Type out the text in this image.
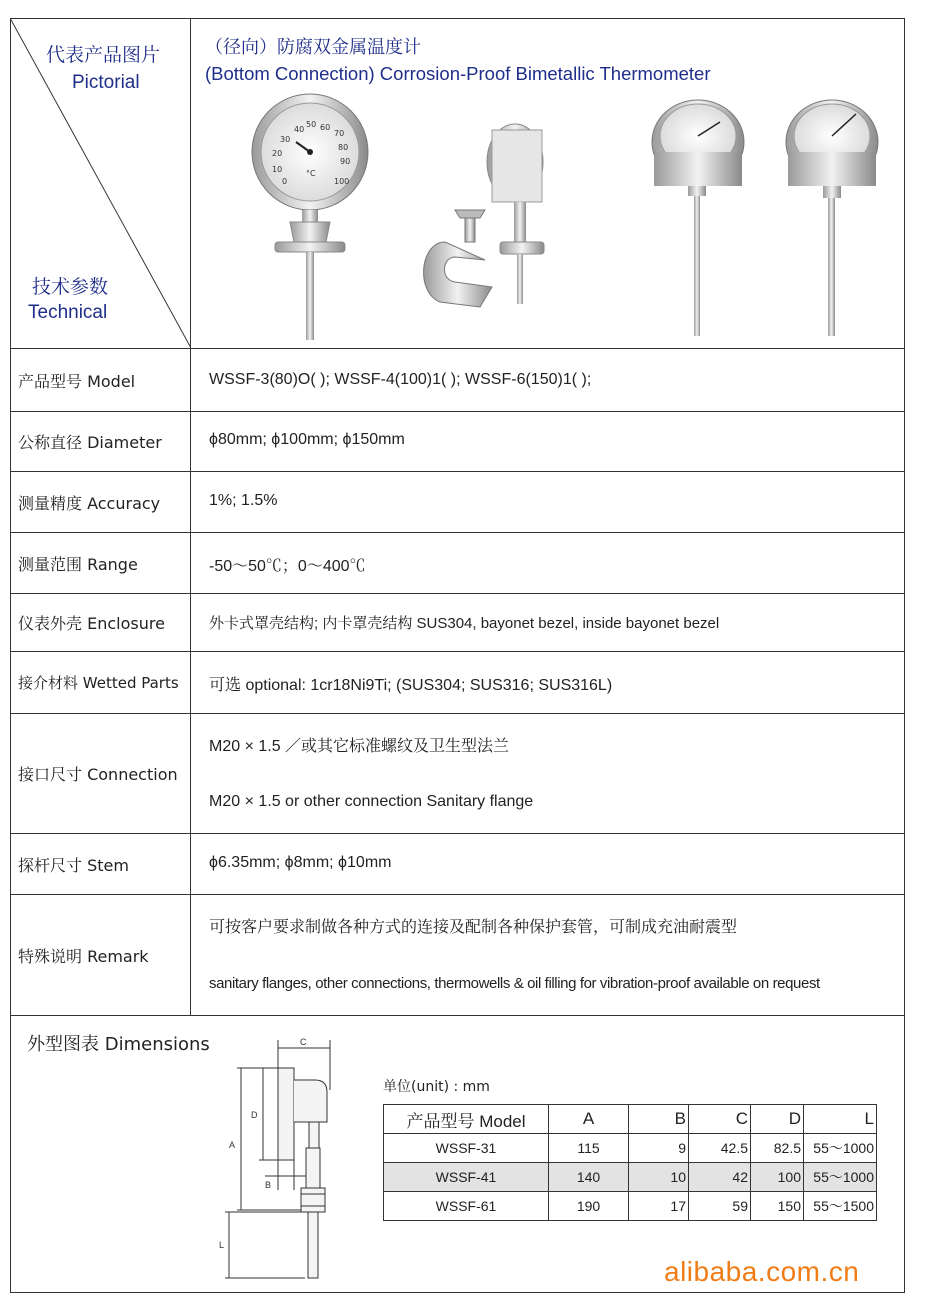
代表产品图片
Pictorial
技术参数
Technical
（径向）防腐双金属温度计
(Bottom Connection) Corrosion-Proof Bimetallic Thermometer
40
50 60
70
30
80
20
90
10
0	100
°C
产品型号 Model	WSSF-3(80)O( ); WSSF-4(100)1( ); WSSF-6(150)1( );
公称直径 Diameter	ϕ80mm; ϕ100mm; ϕ150mm
测量精度 Accuracy	1%; 1.5%
测量范围 Range	-50～50℃；0～400℃
仪表外壳 Enclosure	外卡式罩壳结构; 内卡罩壳结构 SUS304, bayonet bezel, inside bayonet bezel
接介材料 Wetted Parts	可选 optional: 1cr18Ni9Ti; (SUS304; SUS316; SUS316L)
接口尺寸 Connection
M20 × 1.5 ／或其它标准螺纹及卫生型法兰
M20 × 1.5 or other connection Sanitary flange
探杆尺寸 Stem	ϕ6.35mm; ϕ8mm; ϕ10mm
特殊说明 Remark
可按客户要求制做各种方式的连接及配制各种保护套管，可制成充油耐震型
sanitary flanges, other connections, thermowells & oil filling for vibration-proof available on request
外型图表 Dimensions	C
D
A
B
L
单位(unit) : mm
产品型号 Model	A	B	C	D	L
WSSF-31	115	9	42.5	82.5	55～1000
WSSF-41	140	10	42	100	55～1000
WSSF-61	190	17	59	150	55～1500
alibaba.com.cn
